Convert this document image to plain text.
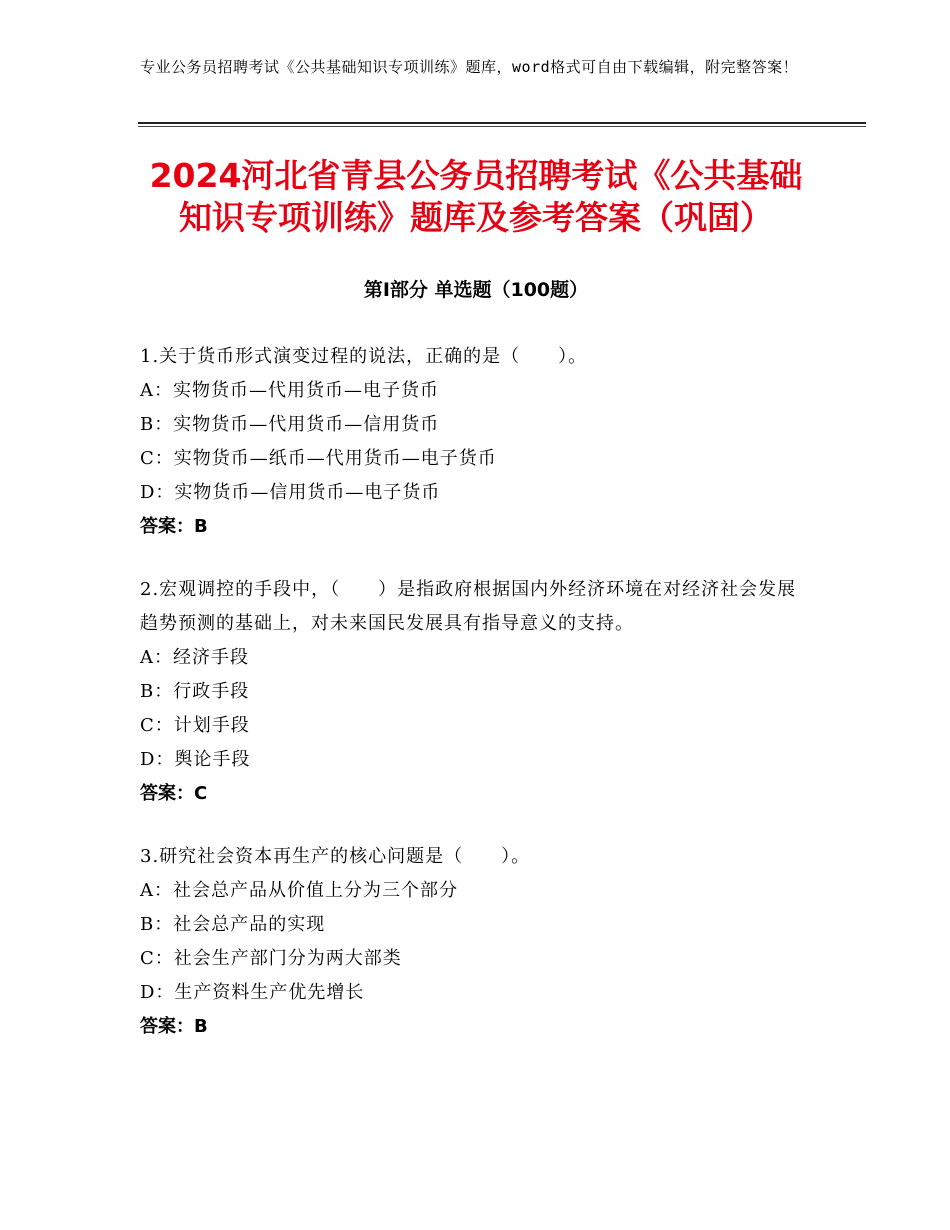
专业公务员招聘考试《公共基础知识专项训练》题库，word格式可自由下载编辑，附完整答案！
2024河北省青县公务员招聘考试《公共基础知识专项训练》题库及参考答案（巩固）
第I部分 单选题（100题）
1.关于货币形式演变过程的说法，正确的是（　　）。
A：实物货币—代用货币—电子货币
B：实物货币—代用货币—信用货币
C：实物货币—纸币—代用货币—电子货币
D：实物货币—信用货币—电子货币
答案：B
2.宏观调控的手段中，（　　）是指政府根据国内外经济环境在对经济社会发展趋势预测的基础上，对未来国民发展具有指导意义的支持。
A：经济手段
B：行政手段
C：计划手段
D：舆论手段
答案：C
3.研究社会资本再生产的核心问题是（　　）。
A：社会总产品从价值上分为三个部分
B：社会总产品的实现
C：社会生产部门分为两大部类
D：生产资料生产优先增长
答案：B
